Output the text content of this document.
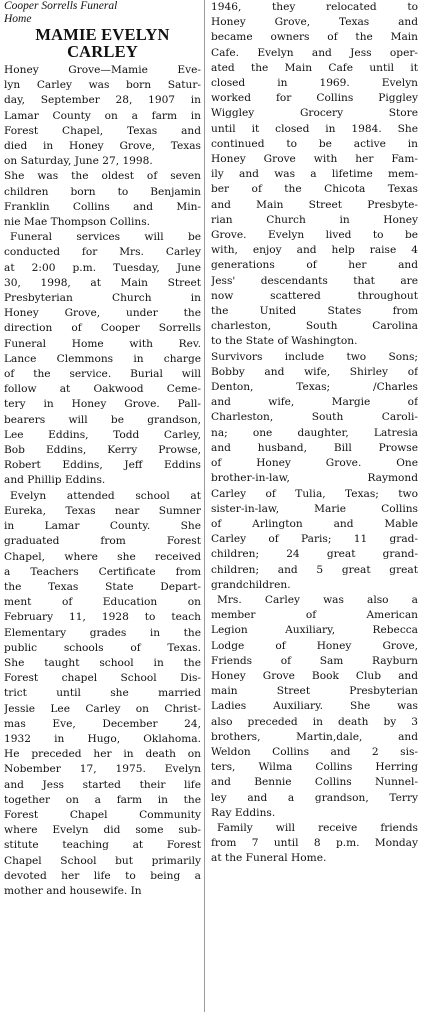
Cooper Sorrells Funeral
Home
MAMIE EVELYN
CARLEY
Honey Grove—Mamie Eve-
lyn Carley was born Satur-
day, September 28, 1907 in
Lamar County on a farm in
Forest Chapel, Texas and
died in Honey Grove, Texas
on Saturday, June 27, 1998.
She was the oldest of seven
children born to Benjamin
Franklin Collins and Min-
nie Mae Thompson Collins.
Funeral services will be
conducted for Mrs. Carley
at 2:00 p.m. Tuesday, June
30, 1998, at Main Street
Presbyterian Church in
Honey Grove, under the
direction of Cooper Sorrells
Funeral Home with Rev.
Lance Clemmons in charge
of the service. Burial will
follow at Oakwood Ceme-
tery in Honey Grove. Pall-
bearers will be grandson,
Lee Eddins, Todd Carley,
Bob Eddins, Kerry Prowse,
Robert Eddins, Jeff Eddins
and Phillip Eddins.
Evelyn attended school at
Eureka, Texas near Sumner
in Lamar County. She
graduated from Forest
Chapel, where she received
a Teachers Certificate from
the Texas State Depart-
ment of Education on
February 11, 1928 to teach
Elementary grades in the
public schools of Texas.
She taught school in the
Forest chapel School Dis-
trict until she married
Jessie Lee Carley on Christ-
mas Eve, December 24,
1932 in Hugo, Oklahoma.
He preceded her in death on
Nobember 17, 1975. Evelyn
and Jess started their life
together on a farm in the
Forest Chapel Community
where Evelyn did some sub-
stitute teaching at Forest
Chapel School but primarily
devoted her life to being a
mother and housewife. In
1946, they relocated to
Honey Grove, Texas and
became owners of the Main
Cafe. Evelyn and Jess oper-
ated the Main Cafe until it
closed in 1969. Evelyn
worked for Collins Piggley
Wiggley Grocery Store
until it closed in 1984. She
continued to be active in
Honey Grove with her Fam-
ily and was a lifetime mem-
ber of the Chicota Texas
and Main Street Presbyte-
rian Church in Honey
Grove. Evelyn lived to be
with, enjoy and help raise 4
generations of her and
Jess' descendants that are
now scattered throughout
the United States from
charleston, South Carolina
to the State of Washington.
Survivors include two Sons;
Bobby and wife, Shirley of
Denton, Texas; /Charles
and wife, Margie of
Charleston, South Caroli-
na; one daughter, Latresia
and husband, Bill Prowse
of Honey Grove. One
brother-in-law, Raymond
Carley of Tulia, Texas; two
sister-in-law, Marie Collins
of Arlington and Mable
Carley of Paris; 11 grad-
children; 24 great grand-
children; and 5 great great
grandchildren.
Mrs. Carley was also a
member of American
Legion Auxiliary, Rebecca
Lodge of Honey Grove,
Friends of Sam Rayburn
Honey Grove Book Club and
main Street Presbyterian
Ladies Auxiliary. She was
also preceded in death by 3
brothers, Martin,dale, and
Weldon Collins and 2 sis-
ters, Wilma Collins Herring
and Bennie Collins Nunnel-
ley and a grandson, Terry
Ray Eddins.
Family will receive friends
from 7 until 8 p.m. Monday
at the Funeral Home.
